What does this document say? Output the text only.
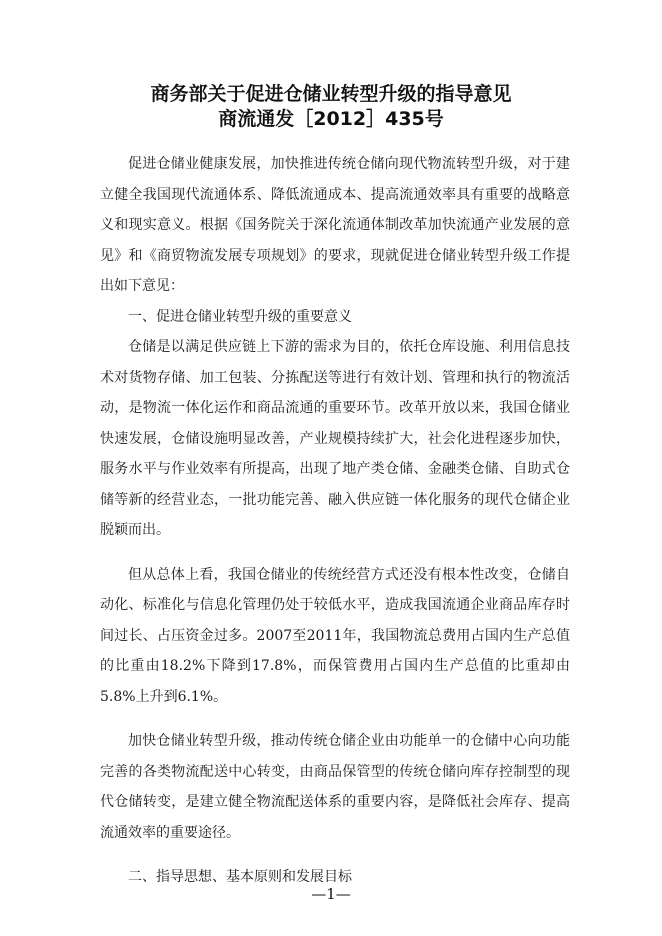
商务部关于促进仓储业转型升级的指导意见
商流通发［2012］435号

促进仓储业健康发展，加快推进传统仓储向现代物流转型升级，对于建立健全我国现代流通体系、降低流通成本、提高流通效率具有重要的战略意义和现实意义。根据《国务院关于深化流通体制改革加快流通产业发展的意见》和《商贸物流发展专项规划》的要求，现就促进仓储业转型升级工作提出如下意见：

一、促进仓储业转型升级的重要意义

仓储是以满足供应链上下游的需求为目的，依托仓库设施、利用信息技术对货物存储、加工包装、分拣配送等进行有效计划、管理和执行的物流活动，是物流一体化运作和商品流通的重要环节。改革开放以来，我国仓储业快速发展，仓储设施明显改善，产业规模持续扩大，社会化进程逐步加快，服务水平与作业效率有所提高，出现了地产类仓储、金融类仓储、自助式仓储等新的经营业态，一批功能完善、融入供应链一体化服务的现代仓储企业脱颖而出。

但从总体上看，我国仓储业的传统经营方式还没有根本性改变，仓储自动化、标准化与信息化管理仍处于较低水平，造成我国流通企业商品库存时间过长、占压资金过多。2007至2011年，我国物流总费用占国内生产总值的比重由18.2%下降到17.8%，而保管费用占国内生产总值的比重却由5.8%上升到6.1%。

加快仓储业转型升级，推动传统仓储企业由功能单一的仓储中心向功能完善的各类物流配送中心转变，由商品保管型的传统仓储向库存控制型的现代仓储转变，是建立健全物流配送体系的重要内容，是降低社会库存、提高流通效率的重要途径。

二、指导思想、基本原则和发展目标

—1—
